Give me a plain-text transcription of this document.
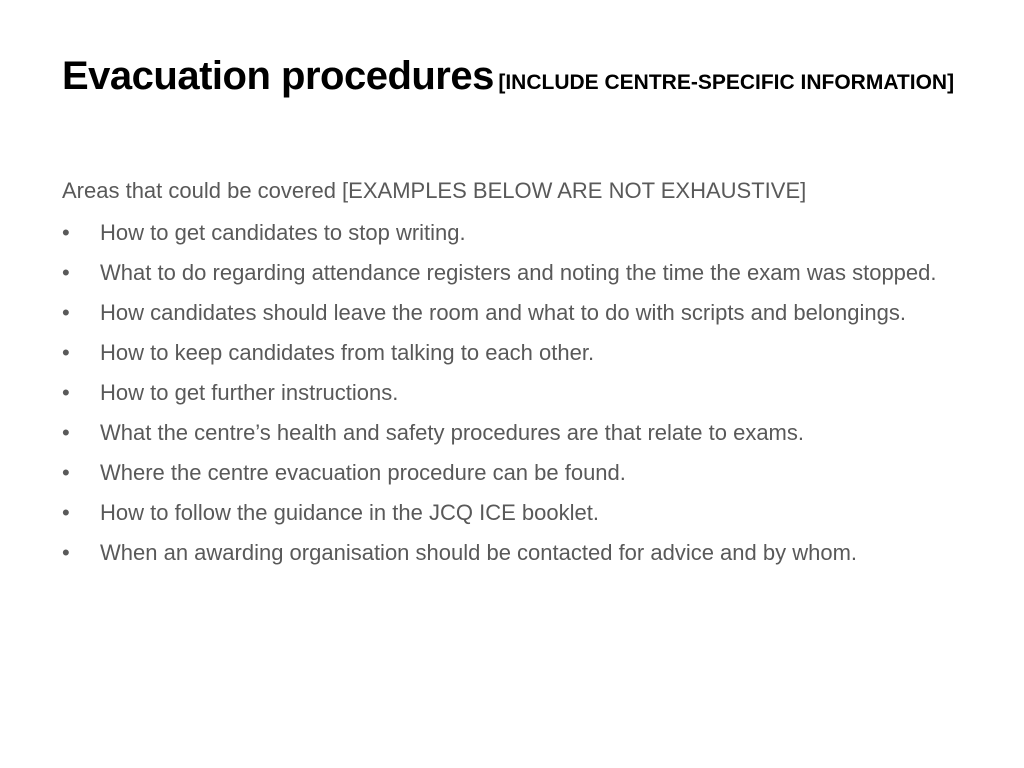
Evacuation procedures [INCLUDE CENTRE-SPECIFIC INFORMATION]
Areas that could be covered [EXAMPLES BELOW ARE NOT EXHAUSTIVE]
•	How to get candidates to stop writing.
•	What to do regarding attendance registers and noting the time the exam was stopped.
•	How candidates should leave the room and what to do with scripts and belongings.
•	How to keep candidates from talking to each other.
•	How to get further instructions.
•	What the centre’s health and safety procedures are that relate to exams.
•	Where the centre evacuation procedure can be found.
•	How to follow the guidance in the JCQ ICE booklet.
•	When an awarding organisation should be contacted for advice and by whom.
